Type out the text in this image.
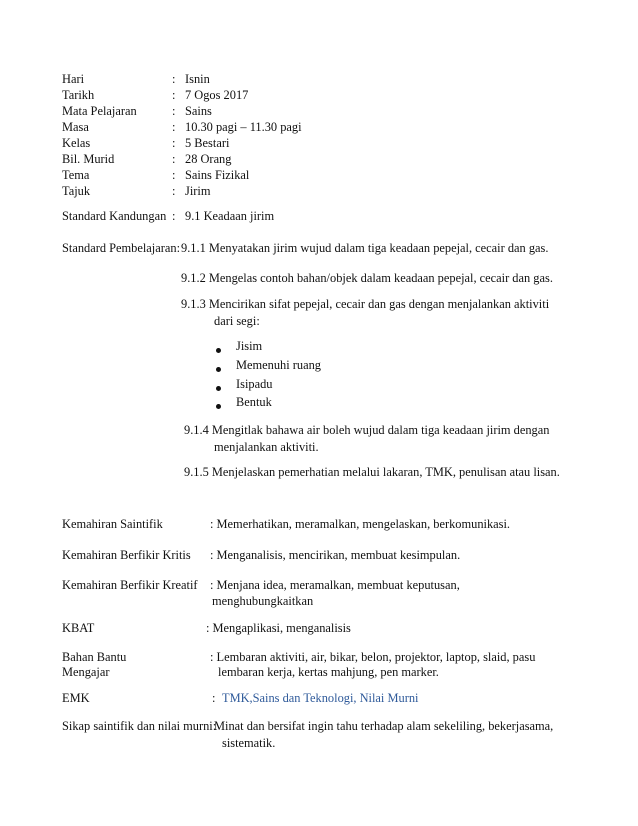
Hari	: Isnin
Tarikh	: 7 Ogos 2017
Mata Pelajaran	: Sains
Masa	: 10.30 pagi – 11.30 pagi
Kelas	: 5 Bestari
Bil. Murid	: 28 Orang
Tema	: Sains Fizikal
Tajuk	: Jirim
Standard Kandungan : 9.1 Keadaan jirim
Standard Pembelajaran: 9.1.1 Menyatakan jirim wujud dalam tiga keadaan pepejal, cecair dan gas.
9.1.2 Mengelas contoh bahan/objek dalam keadaan pepejal, cecair dan gas.
9.1.3 Mencirikan sifat pepejal, cecair dan gas dengan menjalankan aktiviti
dari segi:
Jisim
Memenuhi ruang
Isipadu
Bentuk
9.1.4 Mengitlak bahawa air boleh wujud dalam tiga keadaan jirim dengan
menjalankan aktiviti.
9.1.5 Menjelaskan pemerhatian melalui lakaran, TMK, penulisan atau lisan.
Kemahiran Saintifik	: Memerhatikan, meramalkan, mengelaskan, berkomunikasi.
Kemahiran Berfikir Kritis : Menganalisis, mencirikan, membuat kesimpulan.
Kemahiran Berfikir Kreatif : Menjana idea, meramalkan, membuat keputusan,
menghubungkaitkan
KBAT	: Mengaplikasi, menganalisis
Bahan Bantu
Mengajar
: Lembaran aktiviti, air, bikar, belon, projektor, laptop, slaid, pasu
lembaran kerja, kertas mahjung, pen marker.
EMK	: TMK,Sains dan Teknologi, Nilai Murni
Sikap saintifik dan nilai murni:
Minat dan bersifat ingin tahu terhadap alam sekeliling, bekerjasama,
sistematik.
